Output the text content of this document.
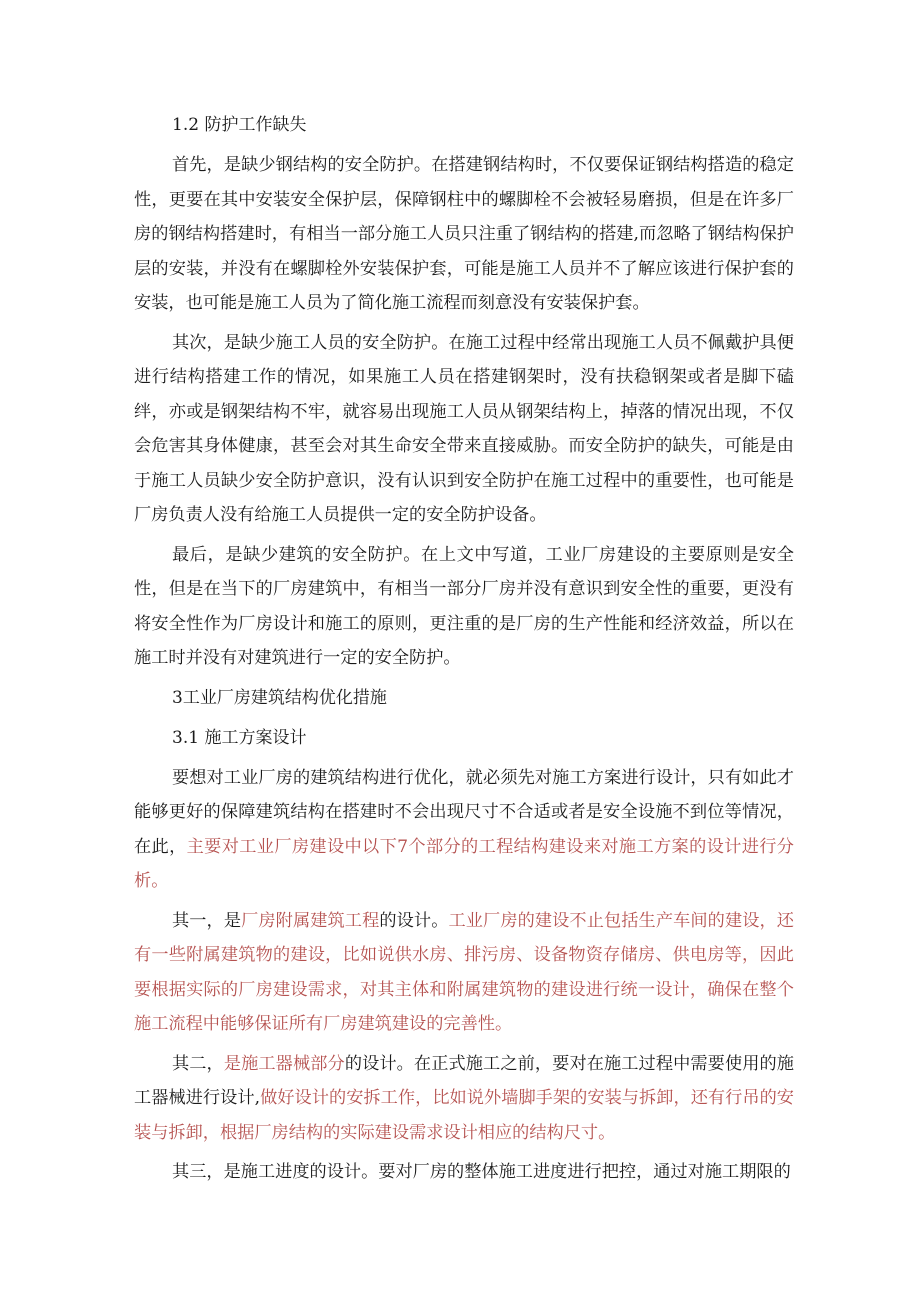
1.2 防护工作缺失

首先，是缺少钢结构的安全防护。在搭建钢结构时，不仅要保证钢结构搭造的稳定性，更要在其中安装安全保护层，保障钢柱中的螺脚栓不会被轻易磨损，但是在许多厂房的钢结构搭建时，有相当一部分施工人员只注重了钢结构的搭建,而忽略了钢结构保护层的安装，并没有在螺脚栓外安装保护套，可能是施工人员并不了解应该进行保护套的安装，也可能是施工人员为了简化施工流程而刻意没有安装保护套。

其次，是缺少施工人员的安全防护。在施工过程中经常出现施工人员不佩戴护具便进行结构搭建工作的情况，如果施工人员在搭建钢架时，没有扶稳钢架或者是脚下磕绊，亦或是钢架结构不牢，就容易出现施工人员从钢架结构上，掉落的情况出现，不仅会危害其身体健康，甚至会对其生命安全带来直接威胁。而安全防护的缺失，可能是由于施工人员缺少安全防护意识，没有认识到安全防护在施工过程中的重要性，也可能是厂房负责人没有给施工人员提供一定的安全防护设备。

最后，是缺少建筑的安全防护。在上文中写道，工业厂房建设的主要原则是安全性，但是在当下的厂房建筑中，有相当一部分厂房并没有意识到安全性的重要，更没有将安全性作为厂房设计和施工的原则，更注重的是厂房的生产性能和经济效益，所以在施工时并没有对建筑进行一定的安全防护。

3工业厂房建筑结构优化措施
3.1 施工方案设计

要想对工业厂房的建筑结构进行优化，就必须先对施工方案进行设计，只有如此才能够更好的保障建筑结构在搭建时不会出现尺寸不合适或者是安全设施不到位等情况，在此，主要对工业厂房建设中以下7个部分的工程结构建设来对施工方案的设计进行分析。

其一，是厂房附属建筑工程的设计。工业厂房的建设不止包括生产车间的建设，还有一些附属建筑物的建设，比如说供水房、排污房、设备物资存储房、供电房等，因此要根据实际的厂房建设需求，对其主体和附属建筑物的建设进行统一设计，确保在整个施工流程中能够保证所有厂房建筑建设的完善性。

其二，是施工器械部分的设计。在正式施工之前，要对在施工过程中需要使用的施工器械进行设计,做好设计的安拆工作，比如说外墙脚手架的安装与拆卸，还有行吊的安装与拆卸，根据厂房结构的实际建设需求设计相应的结构尺寸。

其三，是施工进度的设计。要对厂房的整体施工进度进行把控，通过对施工期限的
